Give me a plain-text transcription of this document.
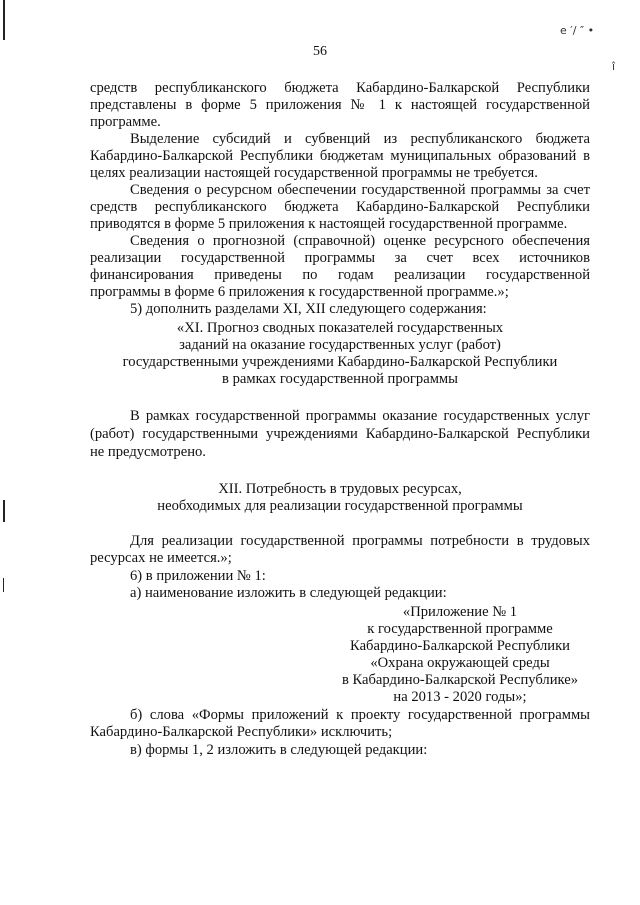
е ′/ ″ •
î
56
средств республиканского бюджета Кабардино-Балкарской Республики
представлены в форме 5 приложения № 1 к настоящей государственной
программе.
Выделение субсидий и субвенций из республиканского бюджета
Кабардино-Балкарской Республики бюджетам муниципальных образований в
целях реализации настоящей государственной программы не требуется.
Сведения о ресурсном обеспечении государственной программы за счет
средств республиканского бюджета Кабардино-Балкарской Республики
приводятся в форме 5 приложения к настоящей государственной программе.
Сведения о прогнозной (справочной) оценке ресурсного обеспечения
реализации государственной программы за счет всех источников
финансирования приведены по годам реализации государственной
программы в форме 6 приложения к государственной программе.»;
5) дополнить разделами XI, XII следующего содержания:
«XI. Прогноз сводных показателей государственных
заданий на оказание государственных услуг (работ)
государственными учреждениями Кабардино-Балкарской Республики
в рамках государственной программы
В рамках государственной программы оказание государственных услуг
(работ) государственными учреждениями Кабардино-Балкарской Республики
не предусмотрено.
XII. Потребность в трудовых ресурсах,
необходимых для реализации государственной программы
Для реализации государственной программы потребности в трудовых
ресурсах не имеется.»;
6) в приложении № 1:
а) наименование изложить в следующей редакции:
«Приложение № 1
к государственной программе
Кабардино-Балкарской Республики
«Охрана окружающей среды
в Кабардино-Балкарской Республике»
на 2013 - 2020 годы»;
б) слова «Формы приложений к проекту государственной программы
Кабардино-Балкарской Республики» исключить;
в) формы 1, 2 изложить в следующей редакции:
